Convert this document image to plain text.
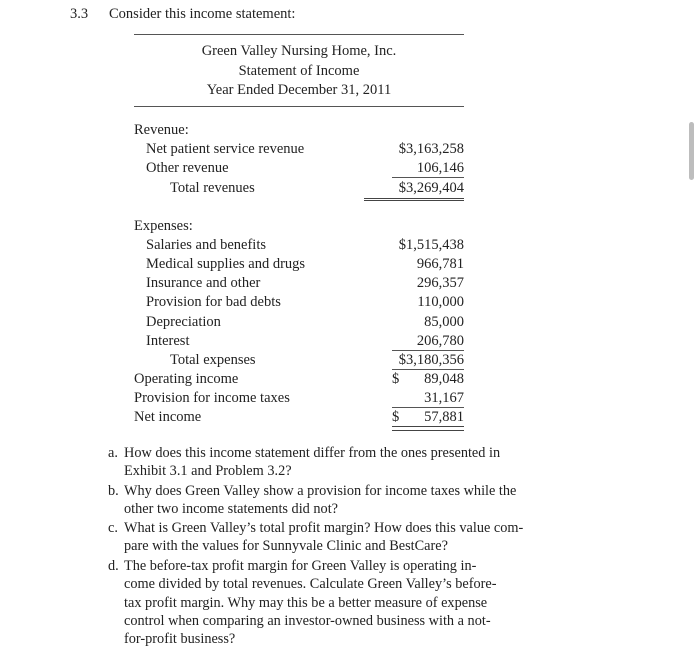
3.3 Consider this income statement:
Green Valley Nursing Home, Inc.
Statement of Income
Year Ended December 31, 2011
Revenue:
Net patient service revenue	$3,163,258
Other revenue	106,146
Total revenues	$3,269,404
Expenses:
Salaries and benefits	$1,515,438
Medical supplies and drugs	966,781
Insurance and other	296,357
Provision for bad debts	110,000
Depreciation	85,000
Interest	206,780
Total expenses	$3,180,356
Operating income	$	89,048
Provision for income taxes	31,167
Net income	$	57,881
a. How does this income statement differ from the ones presented in
Exhibit 3.1 and Problem 3.2?
b. Why does Green Valley show a provision for income taxes while the
other two income statements did not?
c. What is Green Valley’s total profit margin? How does this value com-
pare with the values for Sunnyvale Clinic and BestCare?
d. The before-tax profit margin for Green Valley is operating in-
come divided by total revenues. Calculate Green Valley’s before-
tax profit margin. Why may this be a better measure of expense
control when comparing an investor-owned business with a not-
for-profit business?
